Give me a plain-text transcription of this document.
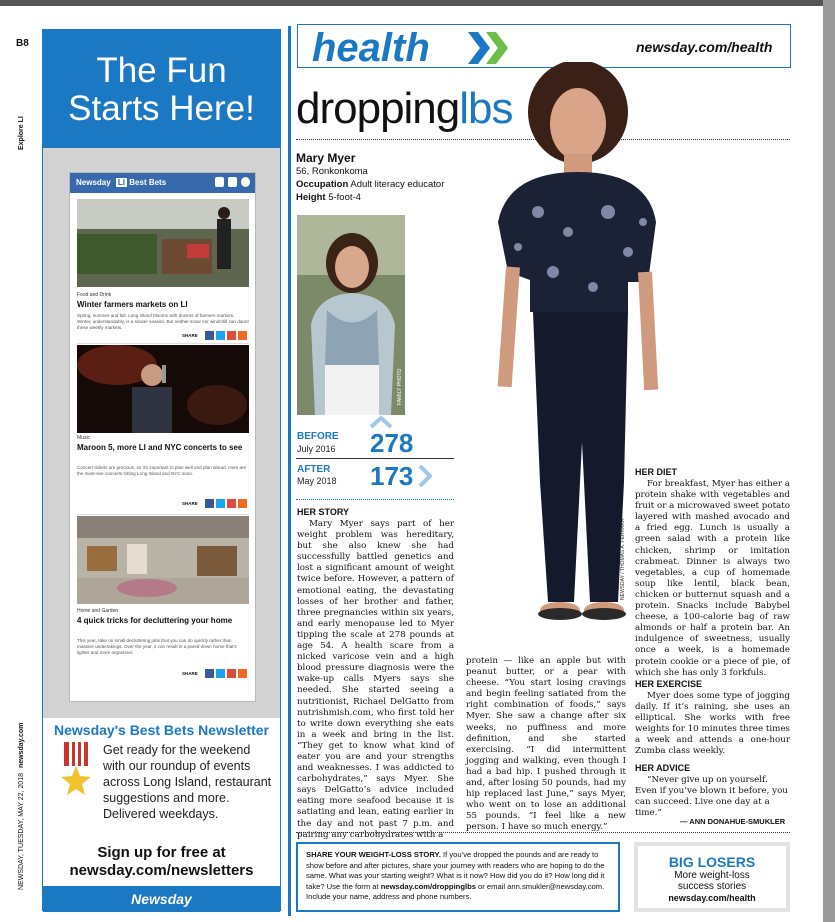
B8
Explore LI
NEWSDAY, TUESDAY, MAY 22, 2018
newsday.com
The Fun
Starts Here!
Newsday LI Best Bets
Food and Drink
Winter farmers markets on LI
Spring, summer and fall, Long Island blooms with dozens of farmers markets. Winter, understandably, is a slower season. But neither snow nor windchill can daunt these weekly markets.
SHARE
Music
Maroon 5, more LI and NYC concerts to see
Concert tickets are precious, so it's important to plan well and plan ahead. Here are the must-see concerts hitting Long Island and NYC soon.
SHARE
Home and Garden
4 quick tricks for decluttering your home
This year, take on small decluttering jobs that you can do quickly rather than massive undertakings. Over the year, it can result in a pared-down home that's lighter and more organized.
SHARE
Newsday's Best Bets Newsletter
Get ready for the weekend with our roundup of events across Long Island, restaurant suggestions and more. Delivered weekdays.
Sign up for free at
newsday.com/newsletters
Newsday
health	newsday.com/health
droppinglbs
Mary Myer
56, Ronkonkoma
Occupation Adult literacy educator
Height 5-foot-4
FAMILY PHOTO
BEFORE
July 2016 278
AFTER
May 2018 173
NEWSDAY / THOMAS A. FERRARA
HER STORY
Mary Myer says part of her weight problem was hereditary, but she also knew she had successfully battled genetics and lost a significant amount of weight twice before. However, a pattern of emotional eating, the devastating losses of her brother and father, three pregnancies within six years, and early menopause led to Myer tipping the scale at 278 pounds at age 54. A health scare from a nicked varicose vein and a high blood pressure diagnosis were the wake-up calls Myers says she needed. She started seeing a nutritionist, Richael DelGatto from nutrishmish.com, who first told her to write down everything she eats in a week and bring in the list. “They get to know what kind of eater you are and your strengths and weaknesses. I was addicted to carbohydrates,” says Myer. She says DelGatto’s advice included eating more seafood because it is satiating and lean, eating earlier in the day and not past 7 p.m. and pairing any carbohydrates with a
protein — like an apple but with peanut butter, or a pear with cheese. “You start losing cravings and begin feeling satiated from the right combination of foods,” says Myer. She saw a change after six weeks, no puffiness and more definition, and she started exercising. “I did intermittent jogging and walking, even though I had a bad hip. I pushed through it and, after losing 50 pounds, had my hip replaced last June,” says Myer, who went on to lose an additional 55 pounds. “I feel like a new person. I have so much energy.”
HER DIET
For breakfast, Myer has either a protein shake with vegetables and fruit or a microwaved sweet potato layered with mashed avocado and a fried egg. Lunch is usually a green salad with a protein like chicken, shrimp or imitation crabmeat. Dinner is always two vegetables, a cup of homemade soup like lentil, black bean, chicken or butternut squash and a protein. Snacks include Babybel cheese, a 100-calorie bag of raw almonds or half a protein bar. An indulgence of sweetness, usually once a week, is a homemade protein cookie or a piece of pie, of which she has only 3 forkfuls.
HER EXERCISE
Myer does some type of jogging daily. If it’s raining, she uses an elliptical. She works with free weights for 10 minutes three times a week and attends a one-hour Zumba class weekly.
HER ADVICE
“Never give up on yourself. Even if you’ve blown it before, you can succeed. Live one day at a time.”
— ANN DONAHUE-SMUKLER
SHARE YOUR WEIGHT-LOSS STORY. If you’ve dropped the pounds and are ready to show before and after pictures, share your journey with readers who are hoping to do the same. What was your starting weight? What is it now? How did you do it? How long did it take? Use the form at newsday.com/droppinglbs or email ann.smukler@newsday.com. Include your name, address and phone numbers.
BIG LOSERS
More weight-loss
success stories
newsday.com/health
